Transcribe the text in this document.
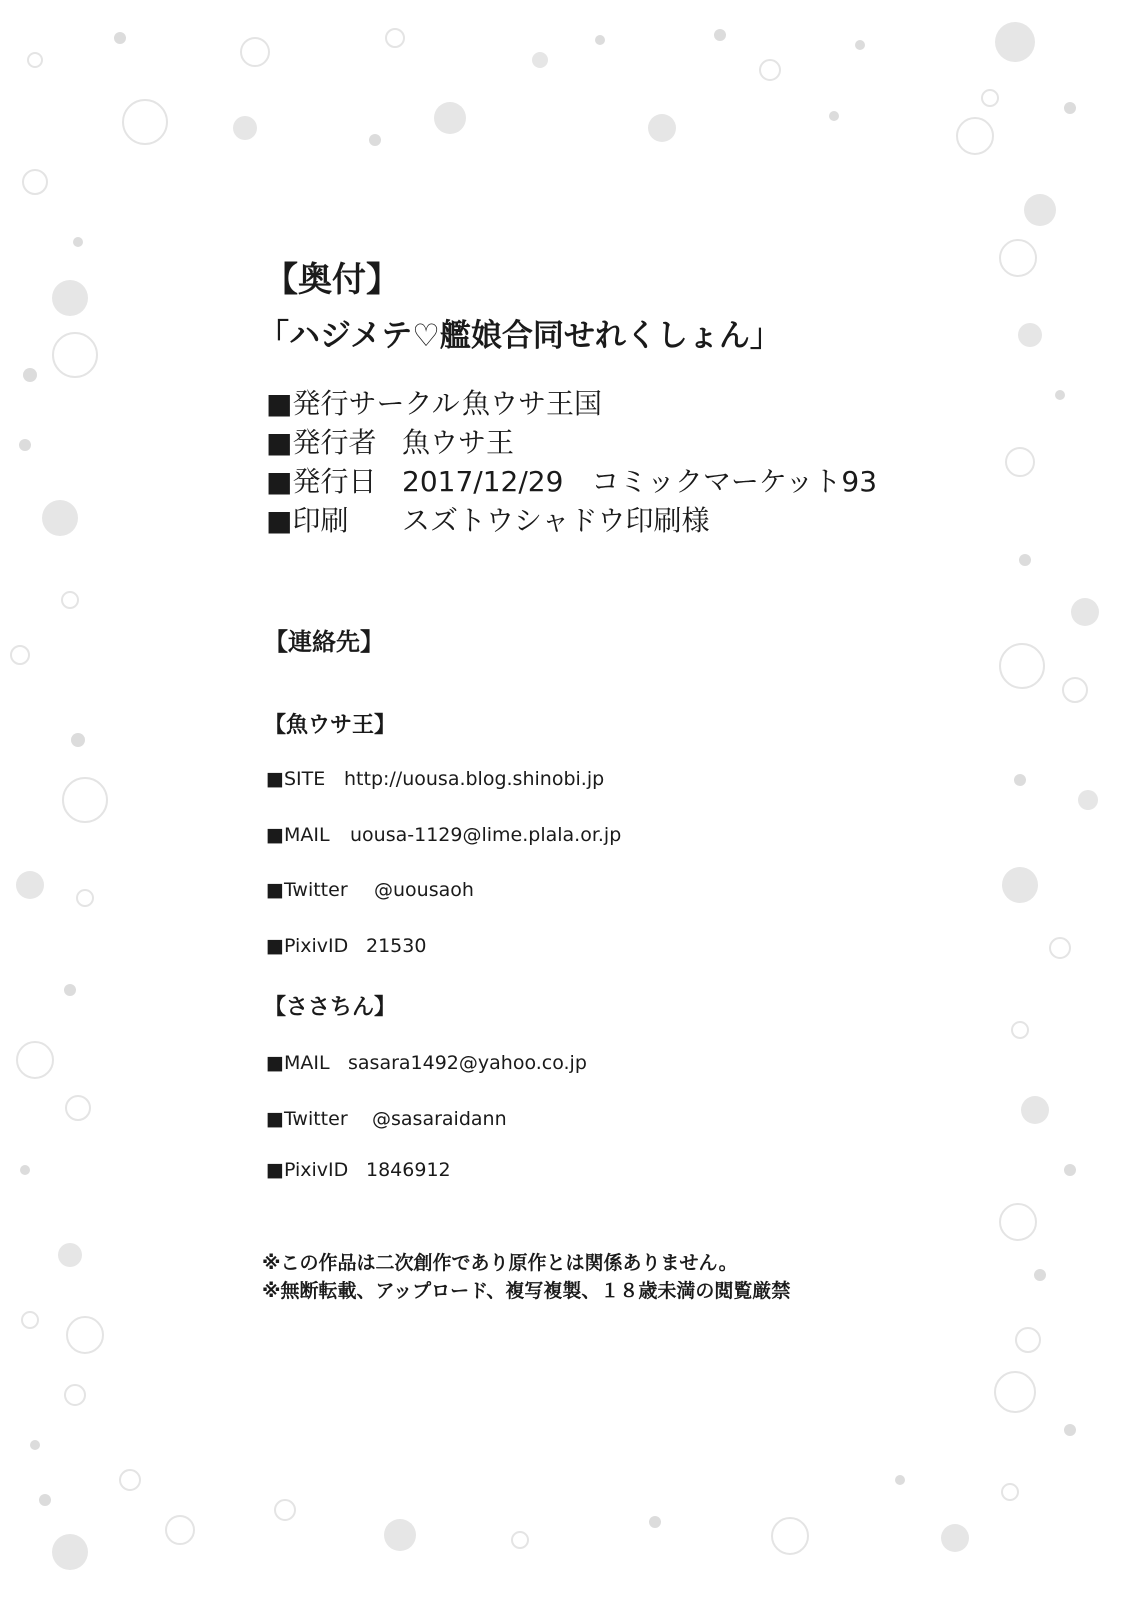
【奥付】

「ハジメテ♡艦娘合同せれくしょん」

■発行サークル魚ウサ王国

■発行者 魚ウサ王

■発行日 2017/12/29　コミックマーケット93

■印刷 スズトウシャドウ印刷様

【連絡先】

【魚ウサ王】

■SITE http://uousa.blog.shinobi.jp

■MAIL uousa-1129@lime.plala.or.jp

■Twitter @uousaoh

■PixivID 21530

【ささちん】

■MAIL sasara1492@yahoo.co.jp

■Twitter @sasaraidann

■PixivID 1846912

※この作品は二次創作であり原作とは関係ありません。

※無断転載、アップロード、複写複製、１８歳未満の閲覧厳禁
